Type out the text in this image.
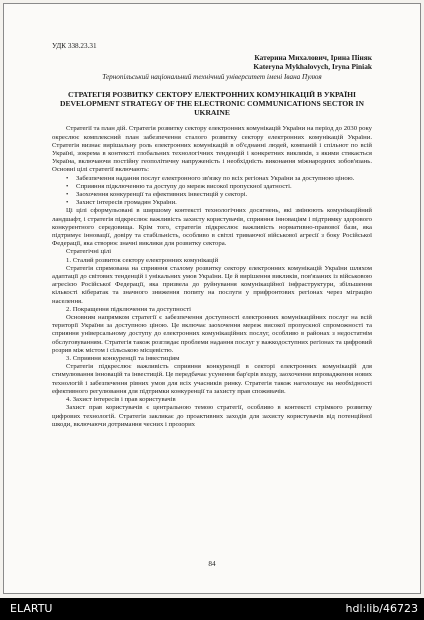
УДК 338.23.31
Катерина Михалович, Ірина Піняк
Kateryna Mykhalovych, Iryna Piniak
Тернопільський національний технічний університет імені Івана Пулюя
СТРАТЕГІЯ РОЗВИТКУ СЕКТОРУ ЕЛЕКТРОННИХ КОМУНІКАЦІЙ В УКРАЇНІ
DEVELOPMENT STRATEGY OF THE ELECTRONIC COMMUNICATIONS SECTOR IN UKRAINE

Стратегії та план дій. Стратегія розвитку сектору електронних комунікацій України на період до 2030 року окреслює комплексний план забезпечення сталого розвитку сектору електронних комунікацій України. Стратегія визнає вирішальну роль електронних комунікацій в об'єднанні людей, компаній і спільнот по всій Україні, зокрема в контексті глобальних технологічних тенденцій і конкретних викликів, з якими стикається Україна, включаючи постійну геополітичну напруженість і необхідність виконання міжнародних зобов'язань. Основні цілі стратегії включають:

• Забезпечення надання послуг електронного зв'язку по всіх регіонах України за доступною ціною.
• Сприяння підключенню та доступу до мереж високої пропускної здатності.
• Заохочення конкуренції та ефективних інвестицій у секторі.
• Захист інтересів громадян України.

Ці цілі сформульовані в ширшому контексті технологічних досягнень, які змінюють комунікаційний ландшафт, і стратегія підкреслює важливість захисту користувачів, сприяння інноваціям і підтримку здорового конкурентного середовища. Крім того, стратегія підкреслює важливість нормативно-правової бази, яка підтримує інновації, довіру та стабільність, особливо в світлі триваючої військової агресії з боку Російської Федерації, яка створює значні виклики для розвитку сектора.

Стратегічні цілі

1. Сталий розвиток сектору електронних комунікацій

Стратегія спрямована на сприяння сталому розвитку сектору електронних комунікацій України шляхом адаптації до світових тенденцій і унікальних умов України. Це й вирішення викликів, пов'язаних із військовою агресією Російської Федерації, яка призвела до руйнування комунікаційної інфраструктури, збільшення кількості кібератак та значного зниження попиту на послуги у прифронтових регіонах через міграцію населення.

2. Покращення підключення та доступності

Основним напрямком стратегії є забезпечення доступності електронних комунікаційних послуг на всій території України за доступною ціною. Це включає заохочення мереж високої пропускної спроможності та сприяння універсальному доступу до електронних комунікаційних послуг, особливо в районах з недостатнім обслуговуванням. Стратегія також розглядає проблеми надання послуг у важкодоступних регіонах та цифровий розрив між містом і сільською місцевістю.

3. Сприяння конкуренції та інвестиціям

Стратегія підкреслює важливість сприяння конкуренції в секторі електронних комунікацій для стимулювання інновацій та інвестицій. Це передбачає усунення бар'єрів входу, заохочення впровадження нових технологій і забезпечення рівних умов для всіх учасників ринку. Стратегія також наголошує на необхідності ефективного регулювання для підтримки конкуренції та захисту прав споживачів.

4. Захист інтересів і прав користувачів

Захист прав користувачів є центральною темою стратегії, особливо в контексті стрімкого розвитку цифрових технологій. Стратегія закликає до проактивних заходів для захисту користувачів від потенційної шкоди, включаючи дотримання чесних і прозорих

84
ELARTU	hdl:lib/46723
